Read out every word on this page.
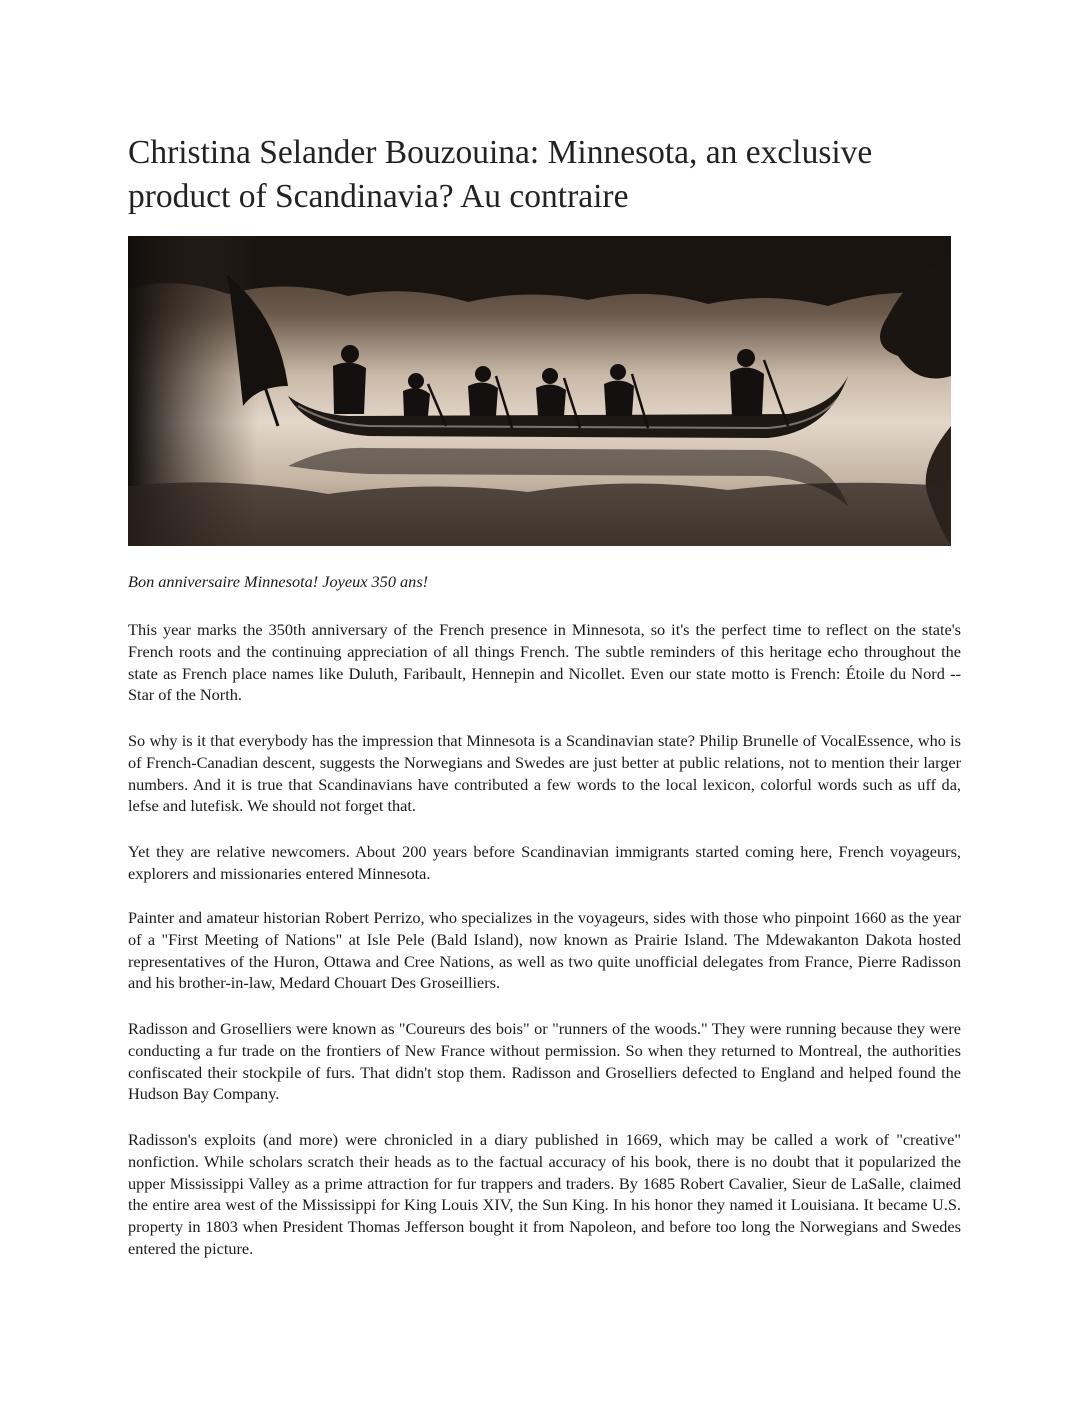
Christina Selander Bouzouina: Minnesota, an exclusive product of Scandinavia? Au contraire

Bon anniversaire Minnesota! Joyeux 350 ans!

This year marks the 350th anniversary of the French presence in Minnesota, so it's the perfect time to reflect on the state's French roots and the continuing appreciation of all things French. The subtle reminders of this heritage echo throughout the state as French place names like Duluth, Faribault, Hennepin and Nicollet. Even our state motto is French: Étoile du Nord -- Star of the North.

So why is it that everybody has the impression that Minnesota is a Scandinavian state? Philip Brunelle of VocalEssence, who is of French-Canadian descent, suggests the Norwegians and Swedes are just better at public relations, not to mention their larger numbers. And it is true that Scandinavians have contributed a few words to the local lexicon, colorful words such as uff da, lefse and lutefisk. We should not forget that.

Yet they are relative newcomers. About 200 years before Scandinavian immigrants started coming here, French voyageurs, explorers and missionaries entered Minnesota.

Painter and amateur historian Robert Perrizo, who specializes in the voyageurs, sides with those who pinpoint 1660 as the year of a "First Meeting of Nations" at Isle Pele (Bald Island), now known as Prairie Island. The Mdewakanton Dakota hosted representatives of the Huron, Ottawa and Cree Nations, as well as two quite unofficial delegates from France, Pierre Radisson and his brother-in-law, Medard Chouart Des Groseilliers.

Radisson and Groselliers were known as "Coureurs des bois" or "runners of the woods." They were running because they were conducting a fur trade on the frontiers of New France without permission. So when they returned to Montreal, the authorities confiscated their stockpile of furs. That didn't stop them. Radisson and Groselliers defected to England and helped found the Hudson Bay Company.

Radisson's exploits (and more) were chronicled in a diary published in 1669, which may be called a work of "creative" nonfiction. While scholars scratch their heads as to the factual accuracy of his book, there is no doubt that it popularized the upper Mississippi Valley as a prime attraction for fur trappers and traders. By 1685 Robert Cavalier, Sieur de LaSalle, claimed the entire area west of the Mississippi for King Louis XIV, the Sun King. In his honor they named it Louisiana. It became U.S. property in 1803 when President Thomas Jefferson bought it from Napoleon, and before too long the Norwegians and Swedes entered the picture.
